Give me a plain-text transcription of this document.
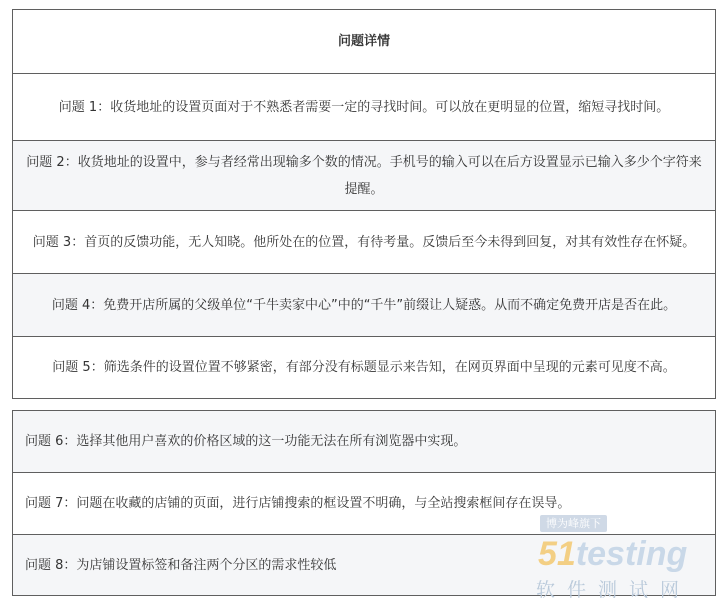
问题详情
问题 1：收货地址的设置页面对于不熟悉者需要一定的寻找时间。可以放在更明显的位置，缩短寻找时间。
问题 2：收货地址的设置中，参与者经常出现输多个数的情况。手机号的输入可以在后方设置显示已输入多少个字符来提醒。
问题 3：首页的反馈功能，无人知晓。他所处在的位置，有待考量。反馈后至今未得到回复，对其有效性存在怀疑。
问题 4：免费开店所属的父级单位“千牛卖家中心”中的“千牛”前缀让人疑惑。从而不确定免费开店是否在此。
问题 5：筛选条件的设置位置不够紧密，有部分没有标题显示来告知，在网页界面中呈现的元素可见度不高。
问题 6：选择其他用户喜欢的价格区域的这一功能无法在所有浏览器中实现。
问题 7：问题在收藏的店铺的页面，进行店铺搜索的框设置不明确，与全站搜索框间存在误导。
问题 8：为店铺设置标签和备注两个分区的需求性较低
博为峰旗下
51testing
软件测试网
